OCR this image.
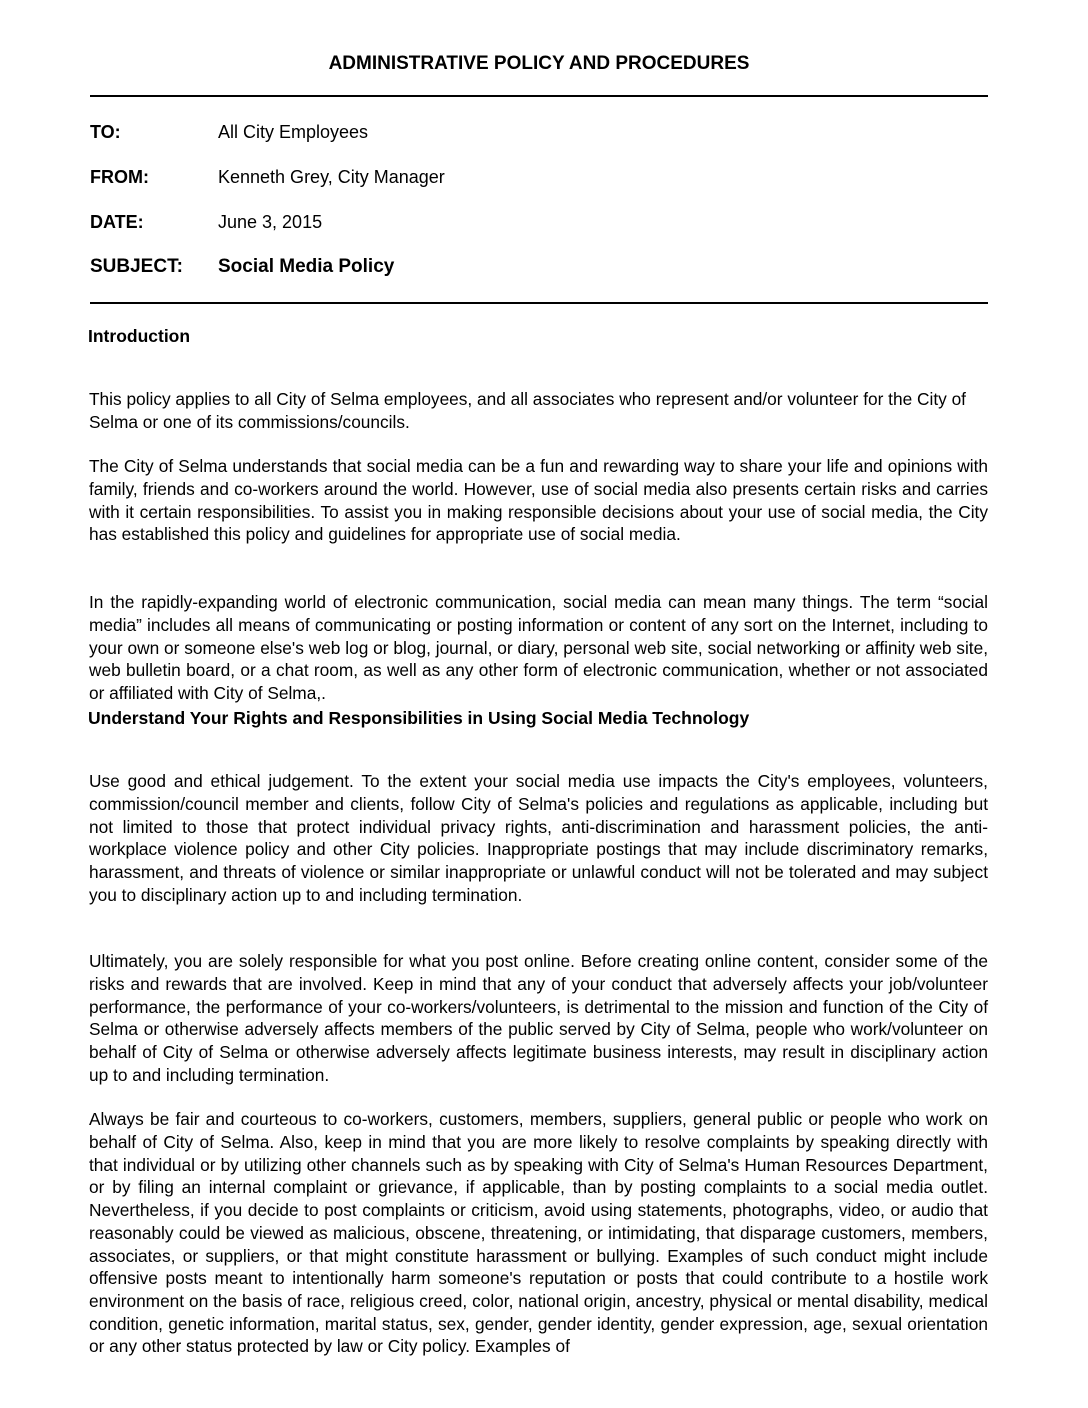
ADMINISTRATIVE POLICY AND PROCEDURES
TO:	All City Employees
FROM:	Kenneth Grey, City Manager
DATE:	June 3, 2015
SUBJECT: Social Media Policy
Introduction

This policy applies to all City of Selma employees, and all associates who represent and/or volunteer for the City of Selma or one of its commissions/councils.

The City of Selma understands that social media can be a fun and rewarding way to share your life and opinions with family, friends and co-workers around the world. However, use of social media also presents certain risks and carries with it certain responsibilities. To assist you in making responsible decisions about your use of social media, the City has established this policy and guidelines for appropriate use of social media.

In the rapidly-expanding world of electronic communication, social media can mean many things. The term “social media” includes all means of communicating or posting information or content of any sort on the Internet, including to your own or someone else's web log or blog, journal, or diary, personal web site, social networking or affinity web site, web bulletin board, or a chat room, as well as any other form of electronic communication, whether or not associated or affiliated with City of Selma,.

Understand Your Rights and Responsibilities in Using Social Media Technology

Use good and ethical judgement. To the extent your social media use impacts the City's employees, volunteers, commission/council member and clients, follow City of Selma's policies and regulations as applicable, including but not limited to those that protect individual privacy rights, anti-discrimination and harassment policies, the anti-workplace violence policy and other City policies. Inappropriate postings that may include discriminatory remarks, harassment, and threats of violence or similar inappropriate or unlawful conduct will not be tolerated and may subject you to disciplinary action up to and including termination.

Ultimately, you are solely responsible for what you post online. Before creating online content, consider some of the risks and rewards that are involved. Keep in mind that any of your conduct that adversely affects your job/volunteer performance, the performance of your co-workers/volunteers, is detrimental to the mission and function of the City of Selma or otherwise adversely affects members of the public served by City of Selma, people who work/volunteer on behalf of City of Selma or otherwise adversely affects legitimate business interests, may result in disciplinary action up to and including termination.

Always be fair and courteous to co-workers, customers, members, suppliers, general public or people who work on behalf of City of Selma. Also, keep in mind that you are more likely to resolve complaints by speaking directly with that individual or by utilizing other channels such as by speaking with City of Selma's Human Resources Department, or by filing an internal complaint or grievance, if applicable, than by posting complaints to a social media outlet. Nevertheless, if you decide to post complaints or criticism, avoid using statements, photographs, video, or audio that reasonably could be viewed as malicious, obscene, threatening, or intimidating, that disparage customers, members, associates, or suppliers, or that might constitute harassment or bullying. Examples of such conduct might include offensive posts meant to intentionally harm someone's reputation or posts that could contribute to a hostile work environment on the basis of race, religious creed, color, national origin, ancestry, physical or mental disability, medical condition, genetic information, marital status, sex, gender, gender identity, gender expression, age, sexual orientation or any other status protected by law or City policy. Examples of
